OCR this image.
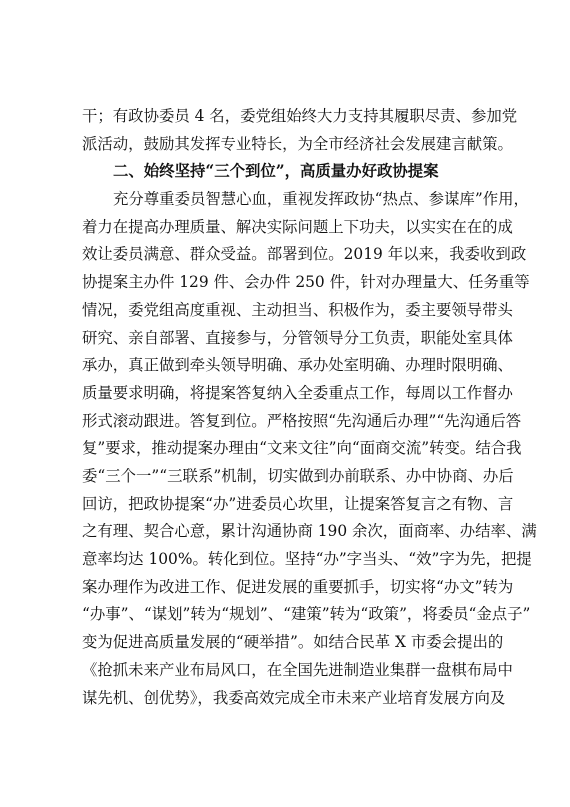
干；有政协委员 4 名，委党组始终大力支持其履职尽责、参加党
派活动，鼓励其发挥专业特长，为全市经济社会发展建言献策。
二、始终坚持“三个到位”，高质量办好政协提案
充分尊重委员智慧心血，重视发挥政协“热点、参谋库”作用，
着力在提高办理质量、解决实际问题上下功夫，以实实在在的成
效让委员满意、群众受益。部署到位。2019 年以来，我委收到政
协提案主办件 129 件、会办件 250 件，针对办理量大、任务重等
情况，委党组高度重视、主动担当、积极作为，委主要领导带头
研究、亲自部署、直接参与，分管领导分工负责，职能处室具体
承办，真正做到牵头领导明确、承办处室明确、办理时限明确、
质量要求明确，将提案答复纳入全委重点工作，每周以工作督办
形式滚动跟进。答复到位。严格按照“先沟通后办理”“先沟通后答
复”要求，推动提案办理由“文来文往”向“面商交流”转变。结合我
委“三个一”“三联系”机制，切实做到办前联系、办中协商、办后
回访，把政协提案“办”进委员心坎里，让提案答复言之有物、言
之有理、契合心意，累计沟通协商 190 余次，面商率、办结率、满
意率均达 100%。转化到位。坚持“办”字当头、“效”字为先，把提
案办理作为改进工作、促进发展的重要抓手，切实将“办文”转为
“办事”、“谋划”转为“规划”、“建策”转为“政策”，将委员“金点子”
变为促进高质量发展的“硬举措”。如结合民革 X 市委会提出的
《抢抓未来产业布局风口，在全国先进制造业集群一盘棋布局中
谋先机、创优势》，我委高效完成全市未来产业培育发展方向及
